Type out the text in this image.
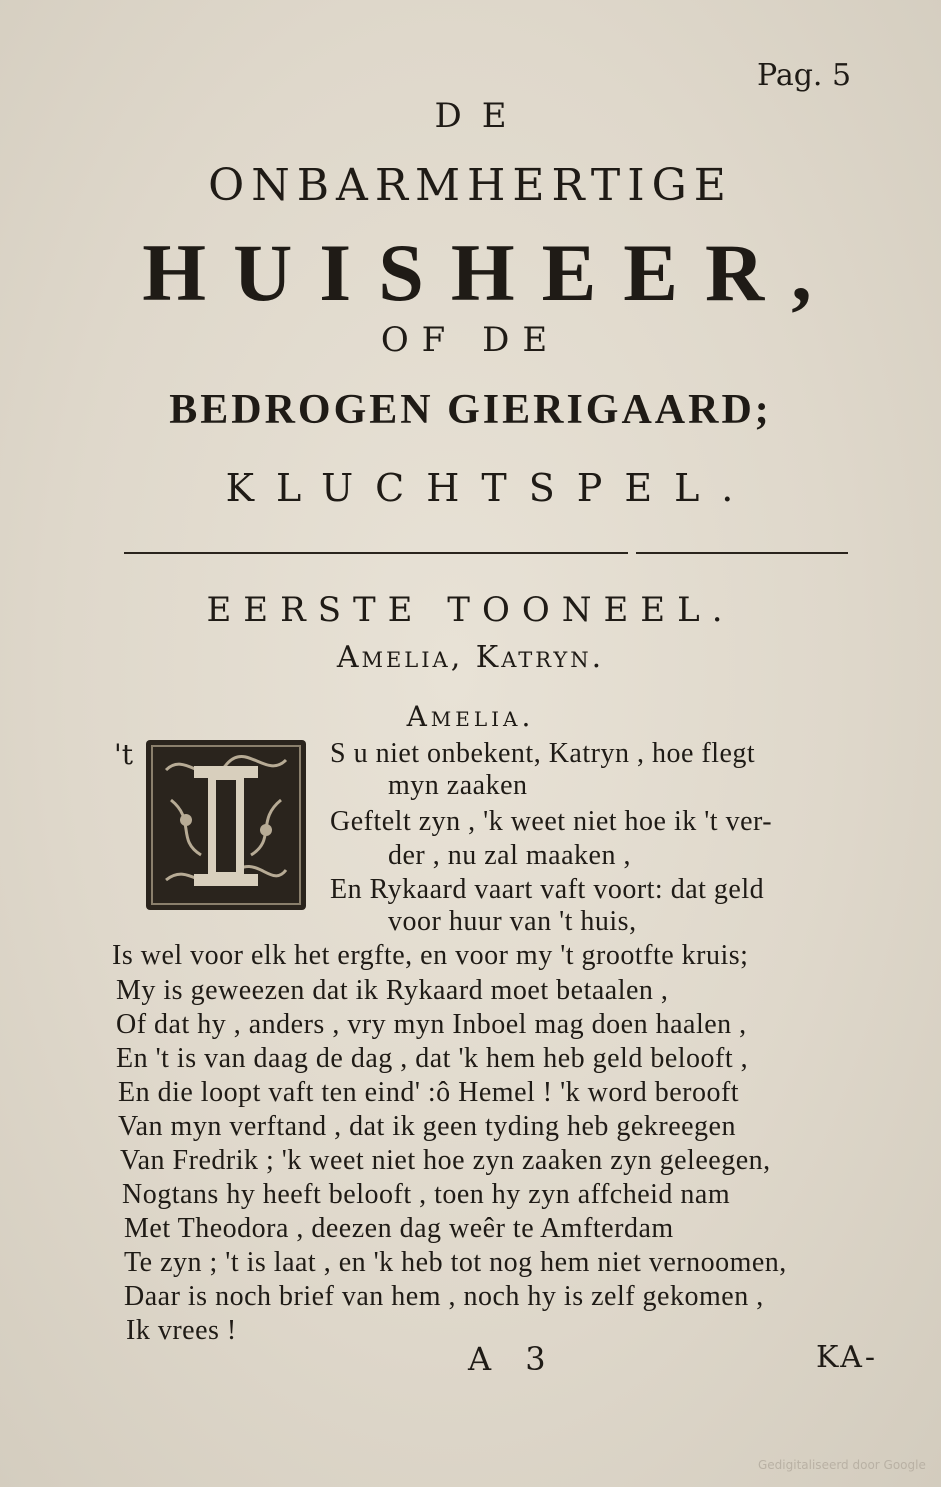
Pag. 5
DE
ONBARMHERTIGE
HUISHEER,
OF DE
BEDROGEN GIERIGAARD;
KLUCHTSPEL.
EERSTE TOONEEL.
Amelia, Katryn.
Amelia.
't	S u niet onbekent, Katryn , hoe flegt
myn zaaken
Geftelt zyn , 'k weet niet hoe ik 't ver-
der , nu zal maaken ,
En Rykaard vaart vaft voort: dat geld
voor huur van 't huis,
Is wel voor elk het ergfte, en voor my 't grootfte kruis;
My is geweezen dat ik Rykaard moet betaalen ,
Of dat hy , anders , vry myn Inboel mag doen haalen ,
En 't is van daag de dag , dat 'k hem heb geld belooft ,
En die loopt vaft ten eind' :ô Hemel ! 'k word berooft
Van myn verftand , dat ik geen tyding heb gekreegen
Van Fredrik ; 'k weet niet hoe zyn zaaken zyn geleegen,
Nogtans hy heeft belooft , toen hy zyn affcheid nam
Met Theodora , deezen dag weêr te Amfterdam
Te zyn ; 't is laat , en 'k heb tot nog hem niet vernoomen,
Daar is noch brief van hem , noch hy is zelf gekomen ,
Ik vrees !
A 3	KA-
Gedigitaliseerd door Google
